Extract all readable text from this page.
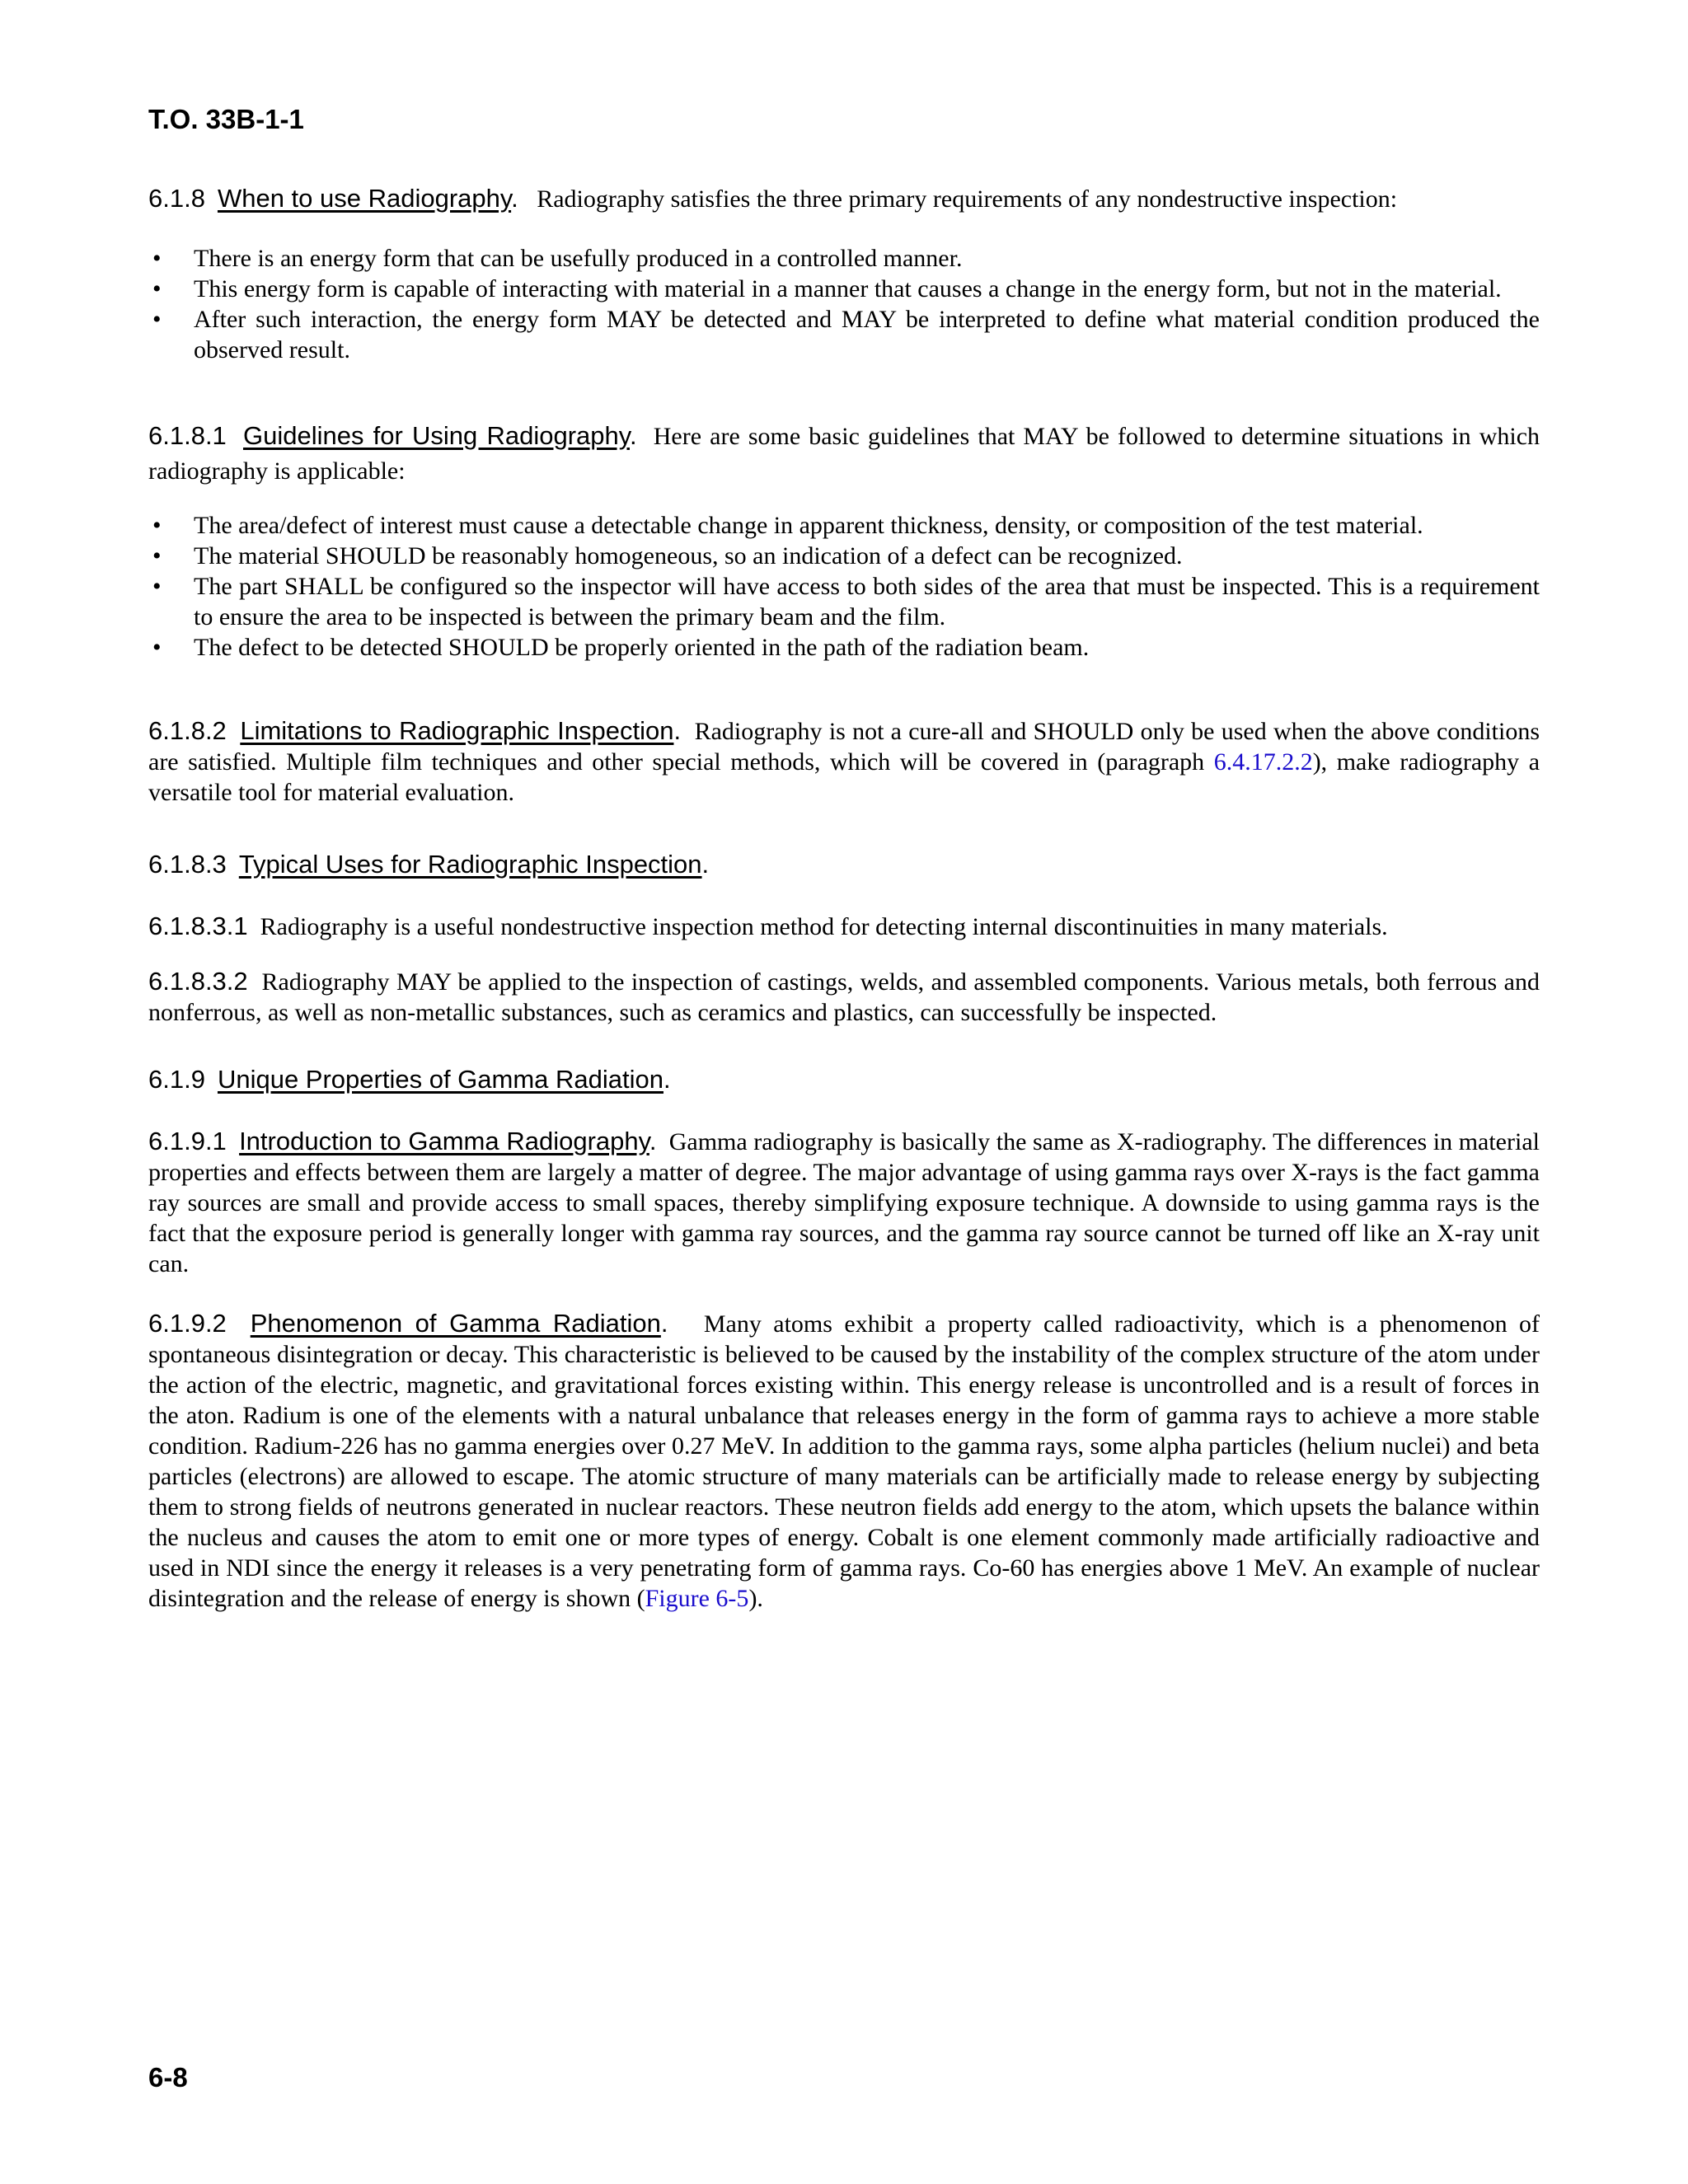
T.O. 33B-1-1

6.1.8 When to use Radiography. Radiography satisfies the three primary requirements of any nondestructive inspection:

• There is an energy form that can be usefully produced in a controlled manner.
• This energy form is capable of interacting with material in a manner that causes a change in the energy form, but not in the material.
• After such interaction, the energy form MAY be detected and MAY be interpreted to define what material condition produced the observed result.

6.1.8.1 Guidelines for Using Radiography. Here are some basic guidelines that MAY be followed to determine situations in which radiography is applicable:

• The area/defect of interest must cause a detectable change in apparent thickness, density, or composition of the test material.
• The material SHOULD be reasonably homogeneous, so an indication of a defect can be recognized.
• The part SHALL be configured so the inspector will have access to both sides of the area that must be inspected. This is a requirement to ensure the area to be inspected is between the primary beam and the film.
• The defect to be detected SHOULD be properly oriented in the path of the radiation beam.

6.1.8.2 Limitations to Radiographic Inspection. Radiography is not a cure-all and SHOULD only be used when the above conditions are satisfied. Multiple film techniques and other special methods, which will be covered in (paragraph 6.4.17.2.2), make radiography a versatile tool for material evaluation.

6.1.8.3 Typical Uses for Radiographic Inspection.

6.1.8.3.1 Radiography is a useful nondestructive inspection method for detecting internal discontinuities in many materials.

6.1.8.3.2 Radiography MAY be applied to the inspection of castings, welds, and assembled components. Various metals, both ferrous and nonferrous, as well as non-metallic substances, such as ceramics and plastics, can successfully be inspected.

6.1.9 Unique Properties of Gamma Radiation.

6.1.9.1 Introduction to Gamma Radiography. Gamma radiography is basically the same as X-radiography. The differences in material properties and effects between them are largely a matter of degree. The major advantage of using gamma rays over X-rays is the fact gamma ray sources are small and provide access to small spaces, thereby simplifying exposure technique. A downside to using gamma rays is the fact that the exposure period is generally longer with gamma ray sources, and the gamma ray source cannot be turned off like an X-ray unit can.

6.1.9.2 Phenomenon of Gamma Radiation. Many atoms exhibit a property called radioactivity, which is a phenomenon of spontaneous disintegration or decay. This characteristic is believed to be caused by the instability of the complex structure of the atom under the action of the electric, magnetic, and gravitational forces existing within. This energy release is uncontrolled and is a result of forces in the aton. Radium is one of the elements with a natural unbalance that releases energy in the form of gamma rays to achieve a more stable condition. Radium-226 has no gamma energies over 0.27 MeV. In addition to the gamma rays, some alpha particles (helium nuclei) and beta particles (electrons) are allowed to escape. The atomic structure of many materials can be artificially made to release energy by subjecting them to strong fields of neutrons generated in nuclear reactors. These neutron fields add energy to the atom, which upsets the balance within the nucleus and causes the atom to emit one or more types of energy. Cobalt is one element commonly made artificially radioactive and used in NDI since the energy it releases is a very penetrating form of gamma rays. Co-60 has energies above 1 MeV. An example of nuclear disintegration and the release of energy is shown (Figure 6-5).

6-8
